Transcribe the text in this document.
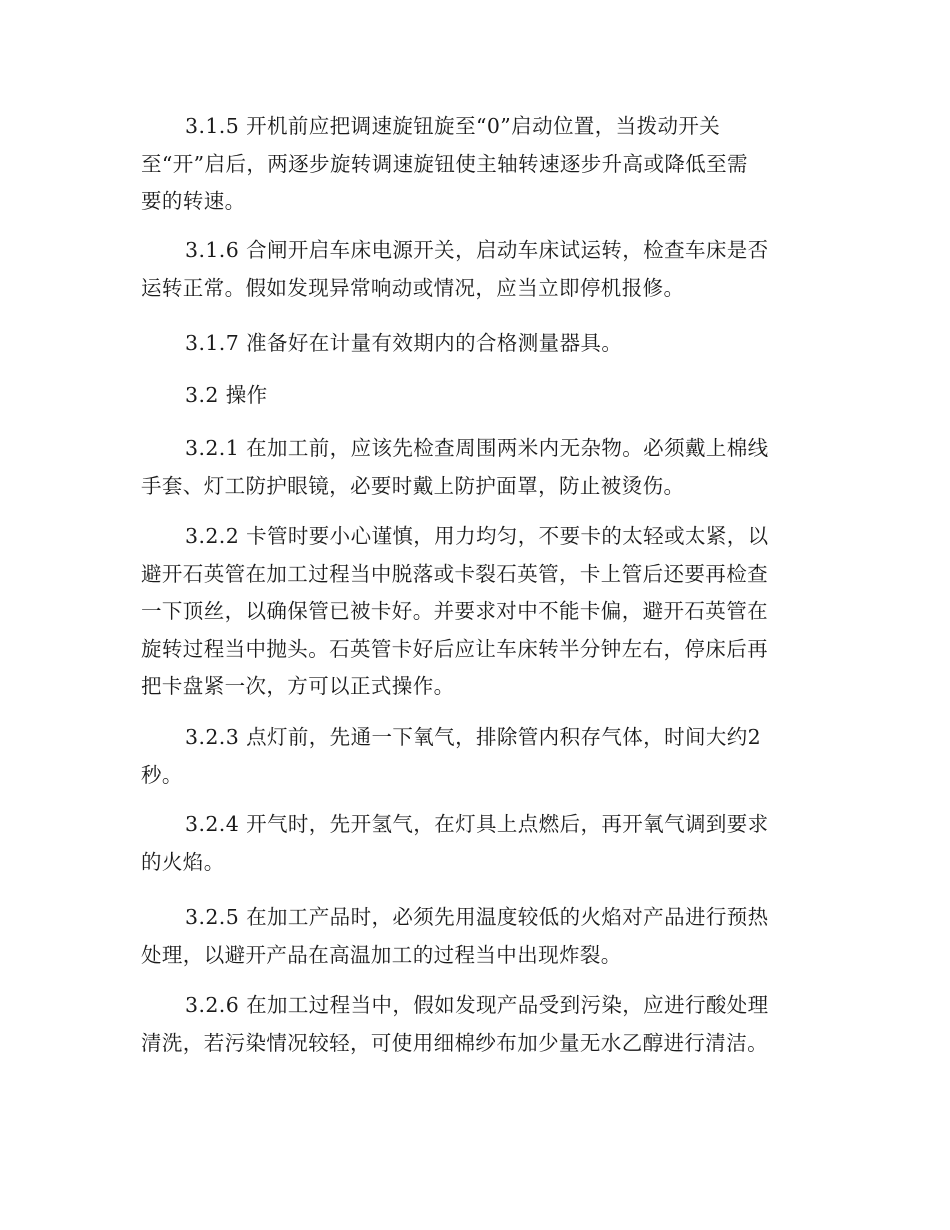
3.1.5 开机前应把调速旋钮旋至“0”启动位置，当拨动开关
至“开”启后，两逐步旋转调速旋钮使主轴转速逐步升高或降低至需
要的转速。

3.1.6 合闸开启车床电源开关，启动车床试运转，检查车床是否
运转正常。假如发现异常响动或情况，应当立即停机报修。

3.1.7 准备好在计量有效期内的合格测量器具。

3.2 操作

3.2.1 在加工前，应该先检查周围两米内无杂物。必须戴上棉线
手套、灯工防护眼镜，必要时戴上防护面罩，防止被烫伤。

3.2.2 卡管时要小心谨慎，用力均匀，不要卡的太轻或太紧，以
避开石英管在加工过程当中脱落或卡裂石英管，卡上管后还要再检查
一下顶丝，以确保管已被卡好。并要求对中不能卡偏，避开石英管在
旋转过程当中抛头。石英管卡好后应让车床转半分钟左右，停床后再
把卡盘紧一次，方可以正式操作。

3.2.3 点灯前，先通一下氧气，排除管内积存气体，时间大约2
秒。

3.2.4 开气时，先开氢气，在灯具上点燃后，再开氧气调到要求
的火焰。

3.2.5 在加工产品时，必须先用温度较低的火焰对产品进行预热
处理，以避开产品在高温加工的过程当中出现炸裂。

3.2.6 在加工过程当中，假如发现产品受到污染，应进行酸处理
清洗，若污染情况较轻，可使用细棉纱布加少量无水乙醇进行清洁。
